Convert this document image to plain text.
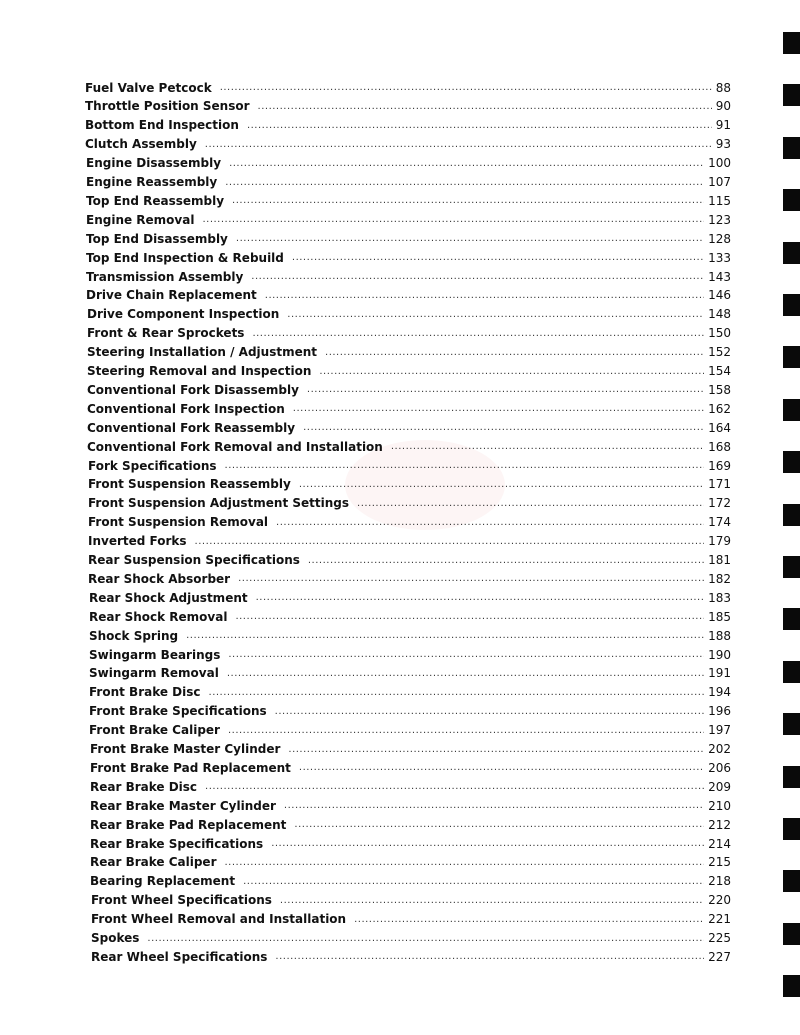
Fuel Valve Petcock .....	88
Throttle Position Sensor .....	90
Bottom End Inspection .....	91
Clutch Assembly .....	93
Engine Disassembly .....	100
Engine Reassembly .....	107
Top End Reassembly .....	115
Engine Removal .....	123
Top End Disassembly .....	128
Top End Inspection & Rebuild .....	133
Transmission Assembly .....	143
Drive Chain Replacement .....	146
Drive Component Inspection .....	148
Front & Rear Sprockets .....	150
Steering Installation / Adjustment .....	152
Steering Removal and Inspection .....	154
Conventional Fork Disassembly .....	158
Conventional Fork Inspection .....	162
Conventional Fork Reassembly .....	164
Conventional Fork Removal and Installation .....	168
Fork Specifications .....	169
Front Suspension Reassembly .....	171
Front Suspension Adjustment Settings .....	172
Front Suspension Removal .....	174
Inverted Forks .....	179
Rear Suspension Specifications .....	181
Rear Shock Absorber .....	182
Rear Shock Adjustment .....	183
Rear Shock Removal .....	185
Shock Spring .....	188
Swingarm Bearings .....	190
Swingarm Removal .....	191
Front Brake Disc .....	194
Front Brake Specifications .....	196
Front Brake Caliper .....	197
Front Brake Master Cylinder .....	202
Front Brake Pad Replacement .....	206
Rear Brake Disc .....	209
Rear Brake Master Cylinder .....	210
Rear Brake Pad Replacement .....	212
Rear Brake Specifications .....	214
Rear Brake Caliper .....	215
Bearing Replacement .....	218
Front Wheel Specifications .....	220
Front Wheel Removal and Installation .....	221
Spokes .....	225
Rear Wheel Specifications .....	227
